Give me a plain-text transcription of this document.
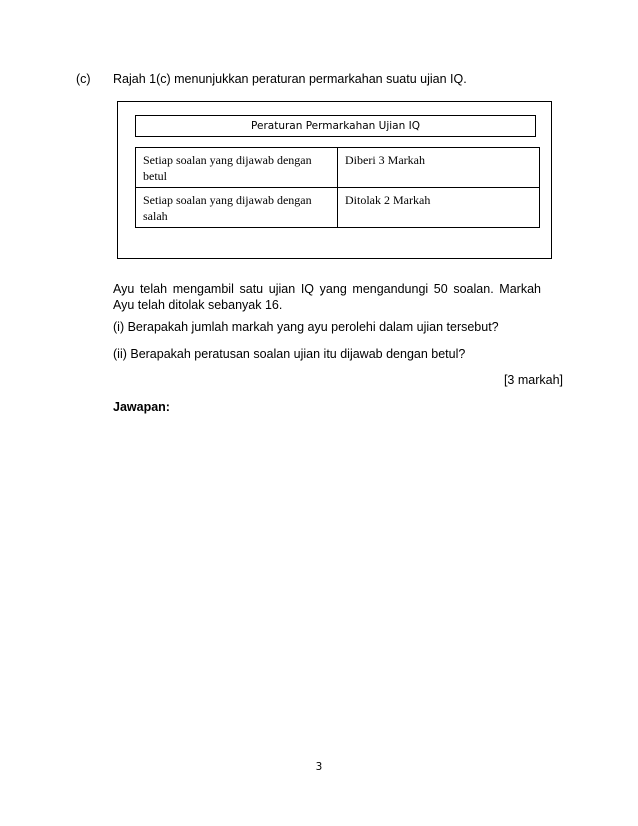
(c) Rajah 1(c) menunjukkan peraturan permarkahan suatu ujian IQ.
Peraturan Permarkahan Ujian IQ
Setiap soalan yang dijawab dengan betul	Diberi 3 Markah
Setiap soalan yang dijawab dengan salah	Ditolak 2 Markah
Ayu telah mengambil satu ujian IQ yang mengandungi 50 soalan. Markah Ayu telah ditolak sebanyak 16.
(i) Berapakah jumlah markah yang ayu perolehi dalam ujian tersebut?
(ii) Berapakah peratusan soalan ujian itu dijawab dengan betul?
[3 markah]
Jawapan:
3
